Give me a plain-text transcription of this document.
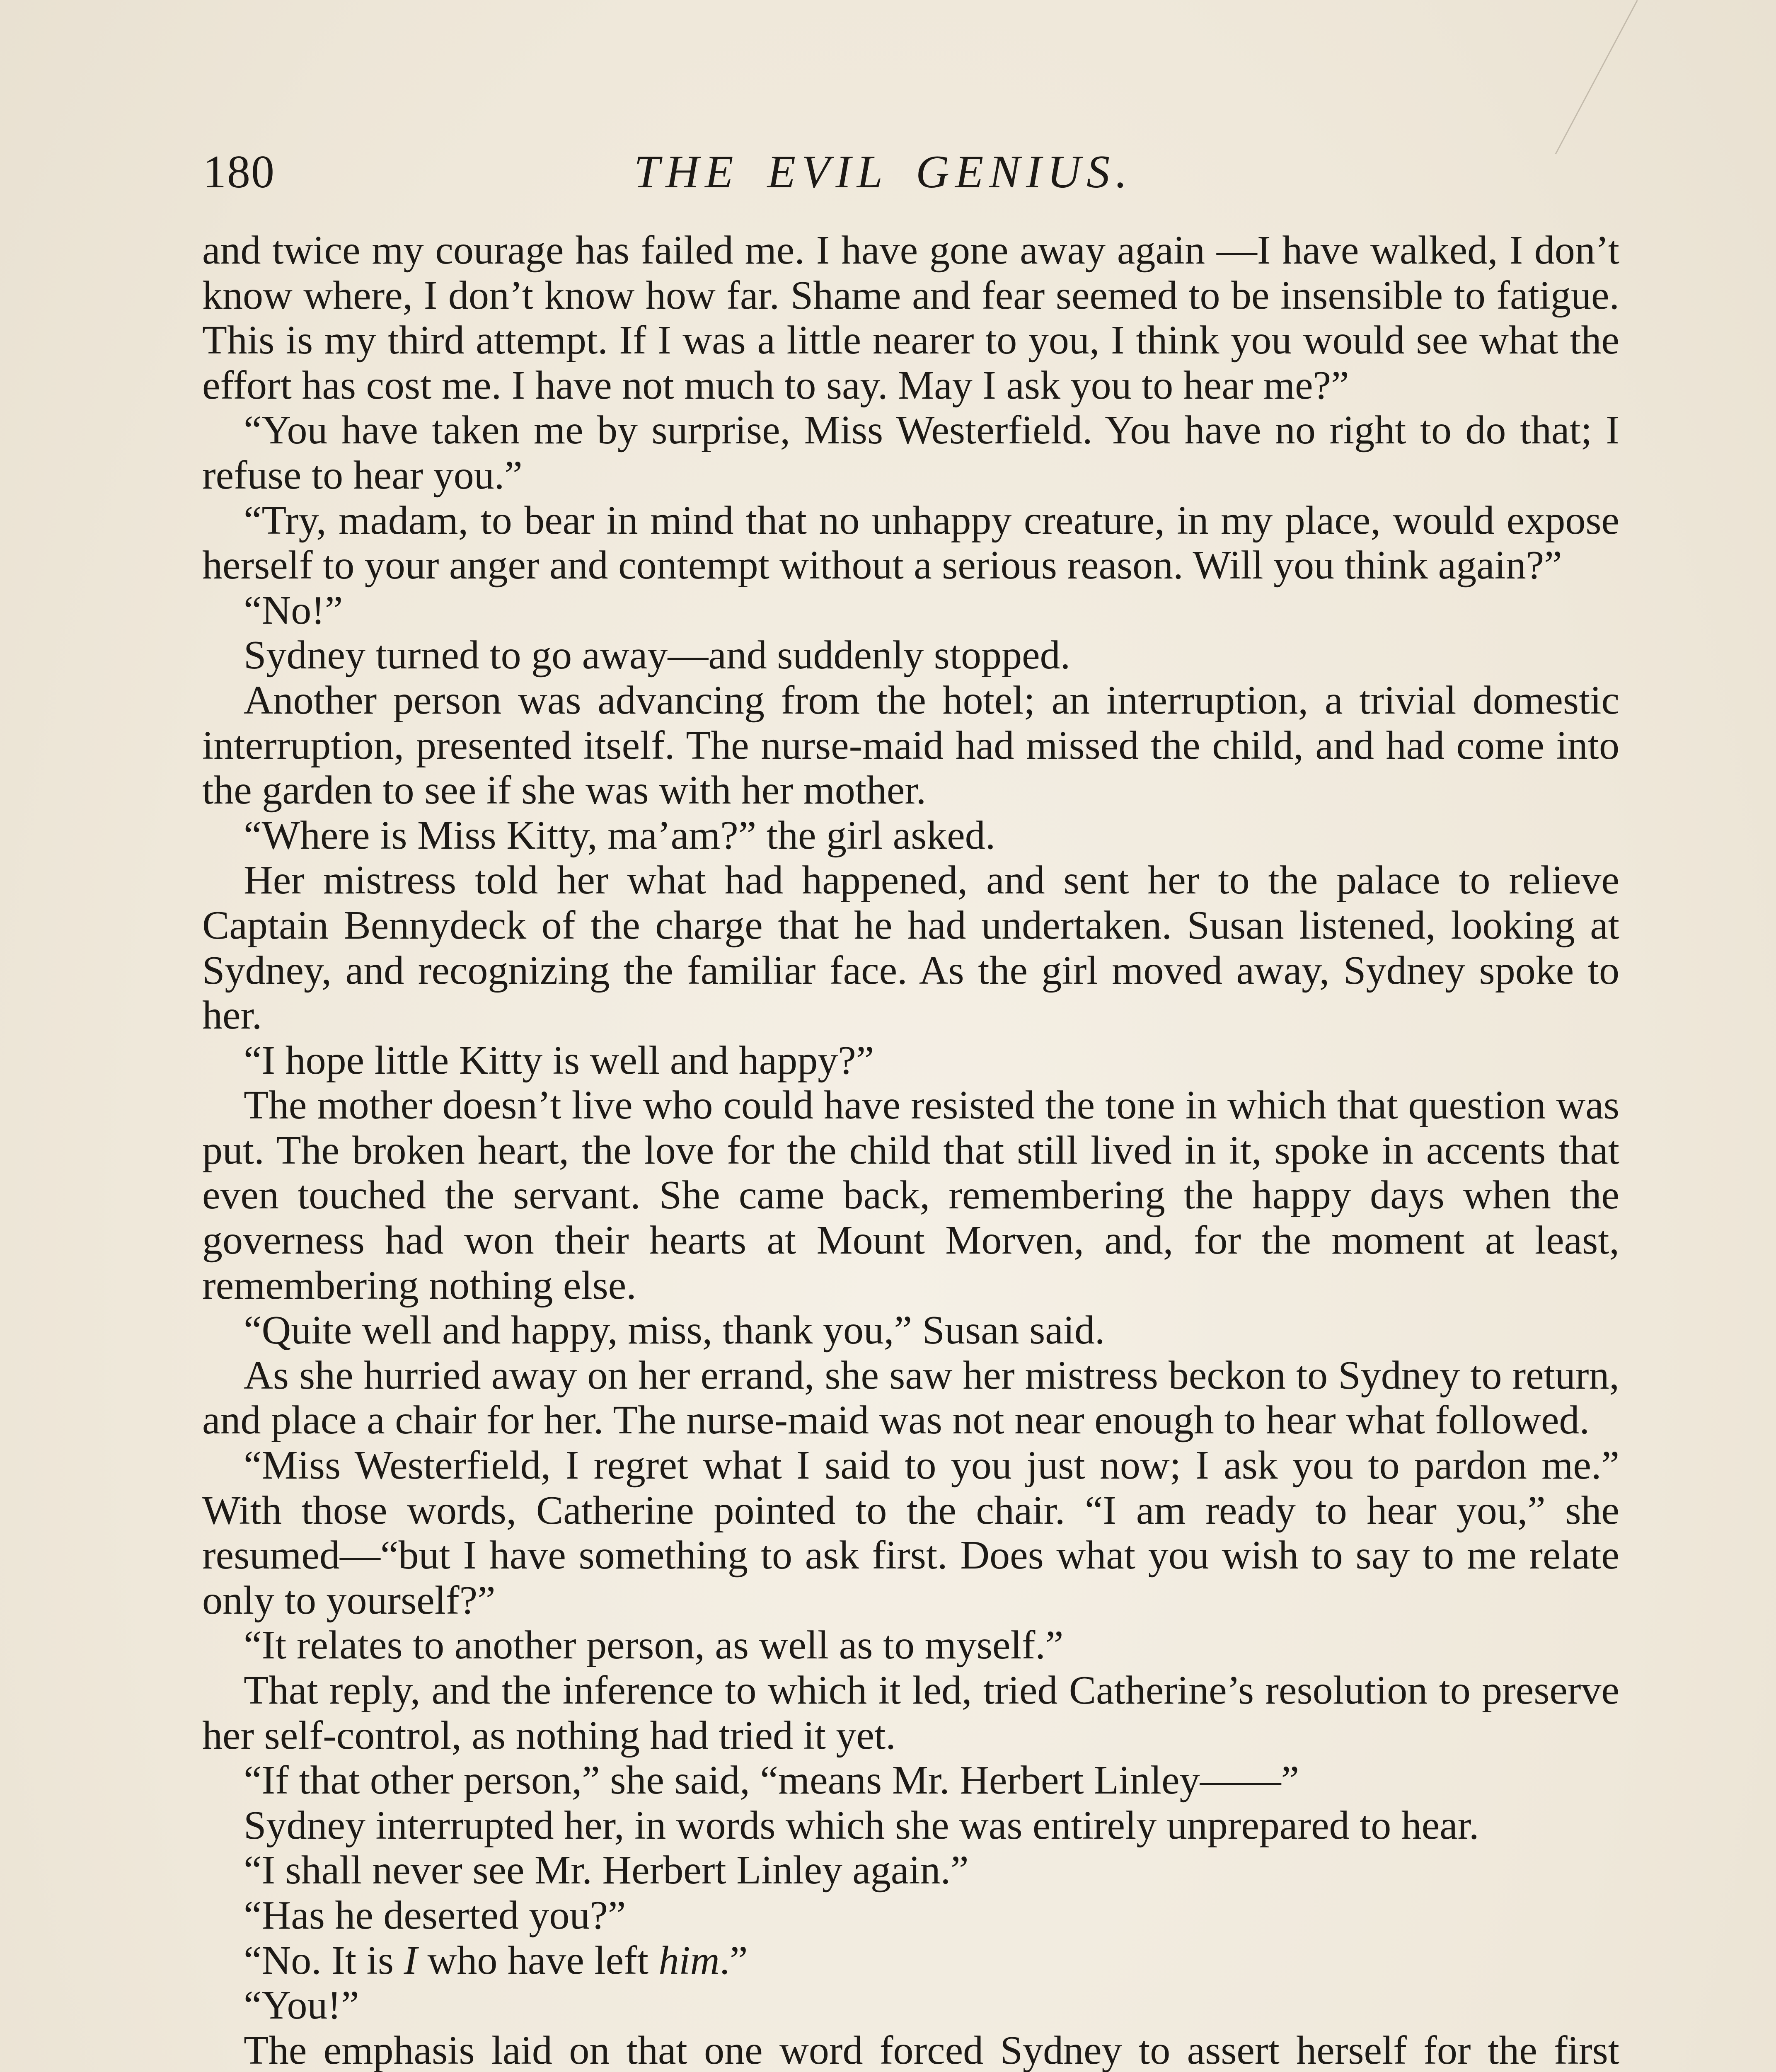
180	THE EVIL GENIUS.

and twice my courage has failed me. I have gone away again —I have walked, I don’t know where, I don’t know how far. Shame and fear seemed to be insensible to fatigue. This is my third attempt. If I was a little nearer to you, I think you would see what the effort has cost me. I have not much to say. May I ask you to hear me?”

“You have taken me by surprise, Miss Westerfield. You have no right to do that; I refuse to hear you.”

“Try, madam, to bear in mind that no unhappy creature, in my place, would expose herself to your anger and contempt without a serious reason. Will you think again?”

“No!”

Sydney turned to go away—and suddenly stopped.

Another person was advancing from the hotel; an interruption, a trivial domestic interruption, presented itself. The nurse-maid had missed the child, and had come into the garden to see if she was with her mother.

“Where is Miss Kitty, ma’am?” the girl asked.

Her mistress told her what had happened, and sent her to the palace to relieve Captain Bennydeck of the charge that he had undertaken. Susan listened, looking at Sydney, and recognizing the familiar face. As the girl moved away, Sydney spoke to her.

“I hope little Kitty is well and happy?”

The mother doesn’t live who could have resisted the tone in which that question was put. The broken heart, the love for the child that still lived in it, spoke in accents that even touched the servant. She came back, remembering the happy days when the governess had won their hearts at Mount Morven, and, for the moment at least, remembering nothing else.

“Quite well and happy, miss, thank you,” Susan said.

As she hurried away on her errand, she saw her mistress beckon to Sydney to return, and place a chair for her. The nurse-maid was not near enough to hear what followed.

“Miss Westerfield, I regret what I said to you just now; I ask you to pardon me.” With those words, Catherine pointed to the chair. “I am ready to hear you,” she resumed—“but I have something to ask first. Does what you wish to say to me relate only to yourself?”

“It relates to another person, as well as to myself.”

That reply, and the inference to which it led, tried Catherine’s resolution to preserve her self-control, as nothing had tried it yet.

“If that other person,” she said, “means Mr. Herbert Linley——”

Sydney interrupted her, in words which she was entirely unprepared to hear.

“I shall never see Mr. Herbert Linley again.”

“Has he deserted you?”

“No. It is I who have left him.”

“You!”

The emphasis laid on that one word forced Sydney to assert herself for the first
